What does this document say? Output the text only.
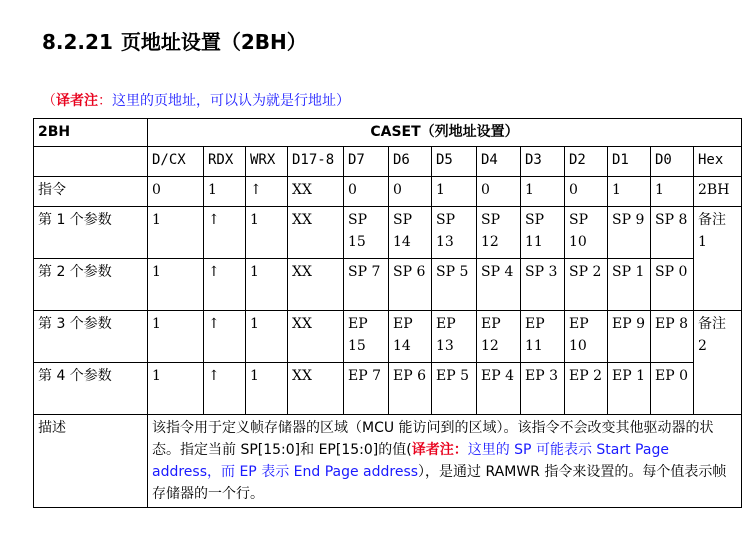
8.2.21 页地址设置（2BH）
（译者注：这里的页地址，可以认为就是行地址）
2BH	CASET（列地址设置）												
	D/CX	RDX	WRX	D17-8	D7	D6	D5	D4	D3	D2	D1	D0	Hex
指令	0	1	↑	XX	0	0	1	0	1	0	1	1	2BH
第 1 个参数	1	↑	1	XX	SP 15	SP 14	SP 13	SP 12	SP 11	SP 10	SP 9	SP 8	备注 1
第 2 个参数	1	↑	1	XX	SP 7	SP 6	SP 5	SP 4	SP 3	SP 2	SP 1	SP 0	
第 3 个参数	1	↑	1	XX	EP 15	EP 14	EP 13	EP 12	EP 11	EP 10	EP 9	EP 8	备注 2
第 4 个参数	1	↑	1	XX	EP 7	EP 6	EP 5	EP 4	EP 3	EP 2	EP 1	EP 0	
描述	该指令用于定义帧存储器的区域（MCU 能访问到的区域）。该指令不会改变其他驱动器的状态。指定当前 SP[15:0]和 EP[15:0]的值(译者注：这里的 SP 可能表示 Start Page address，而 EP 表示 End Page address），是通过 RAMWR 指令来设置的。每个值表示帧存储器的一个行。												
